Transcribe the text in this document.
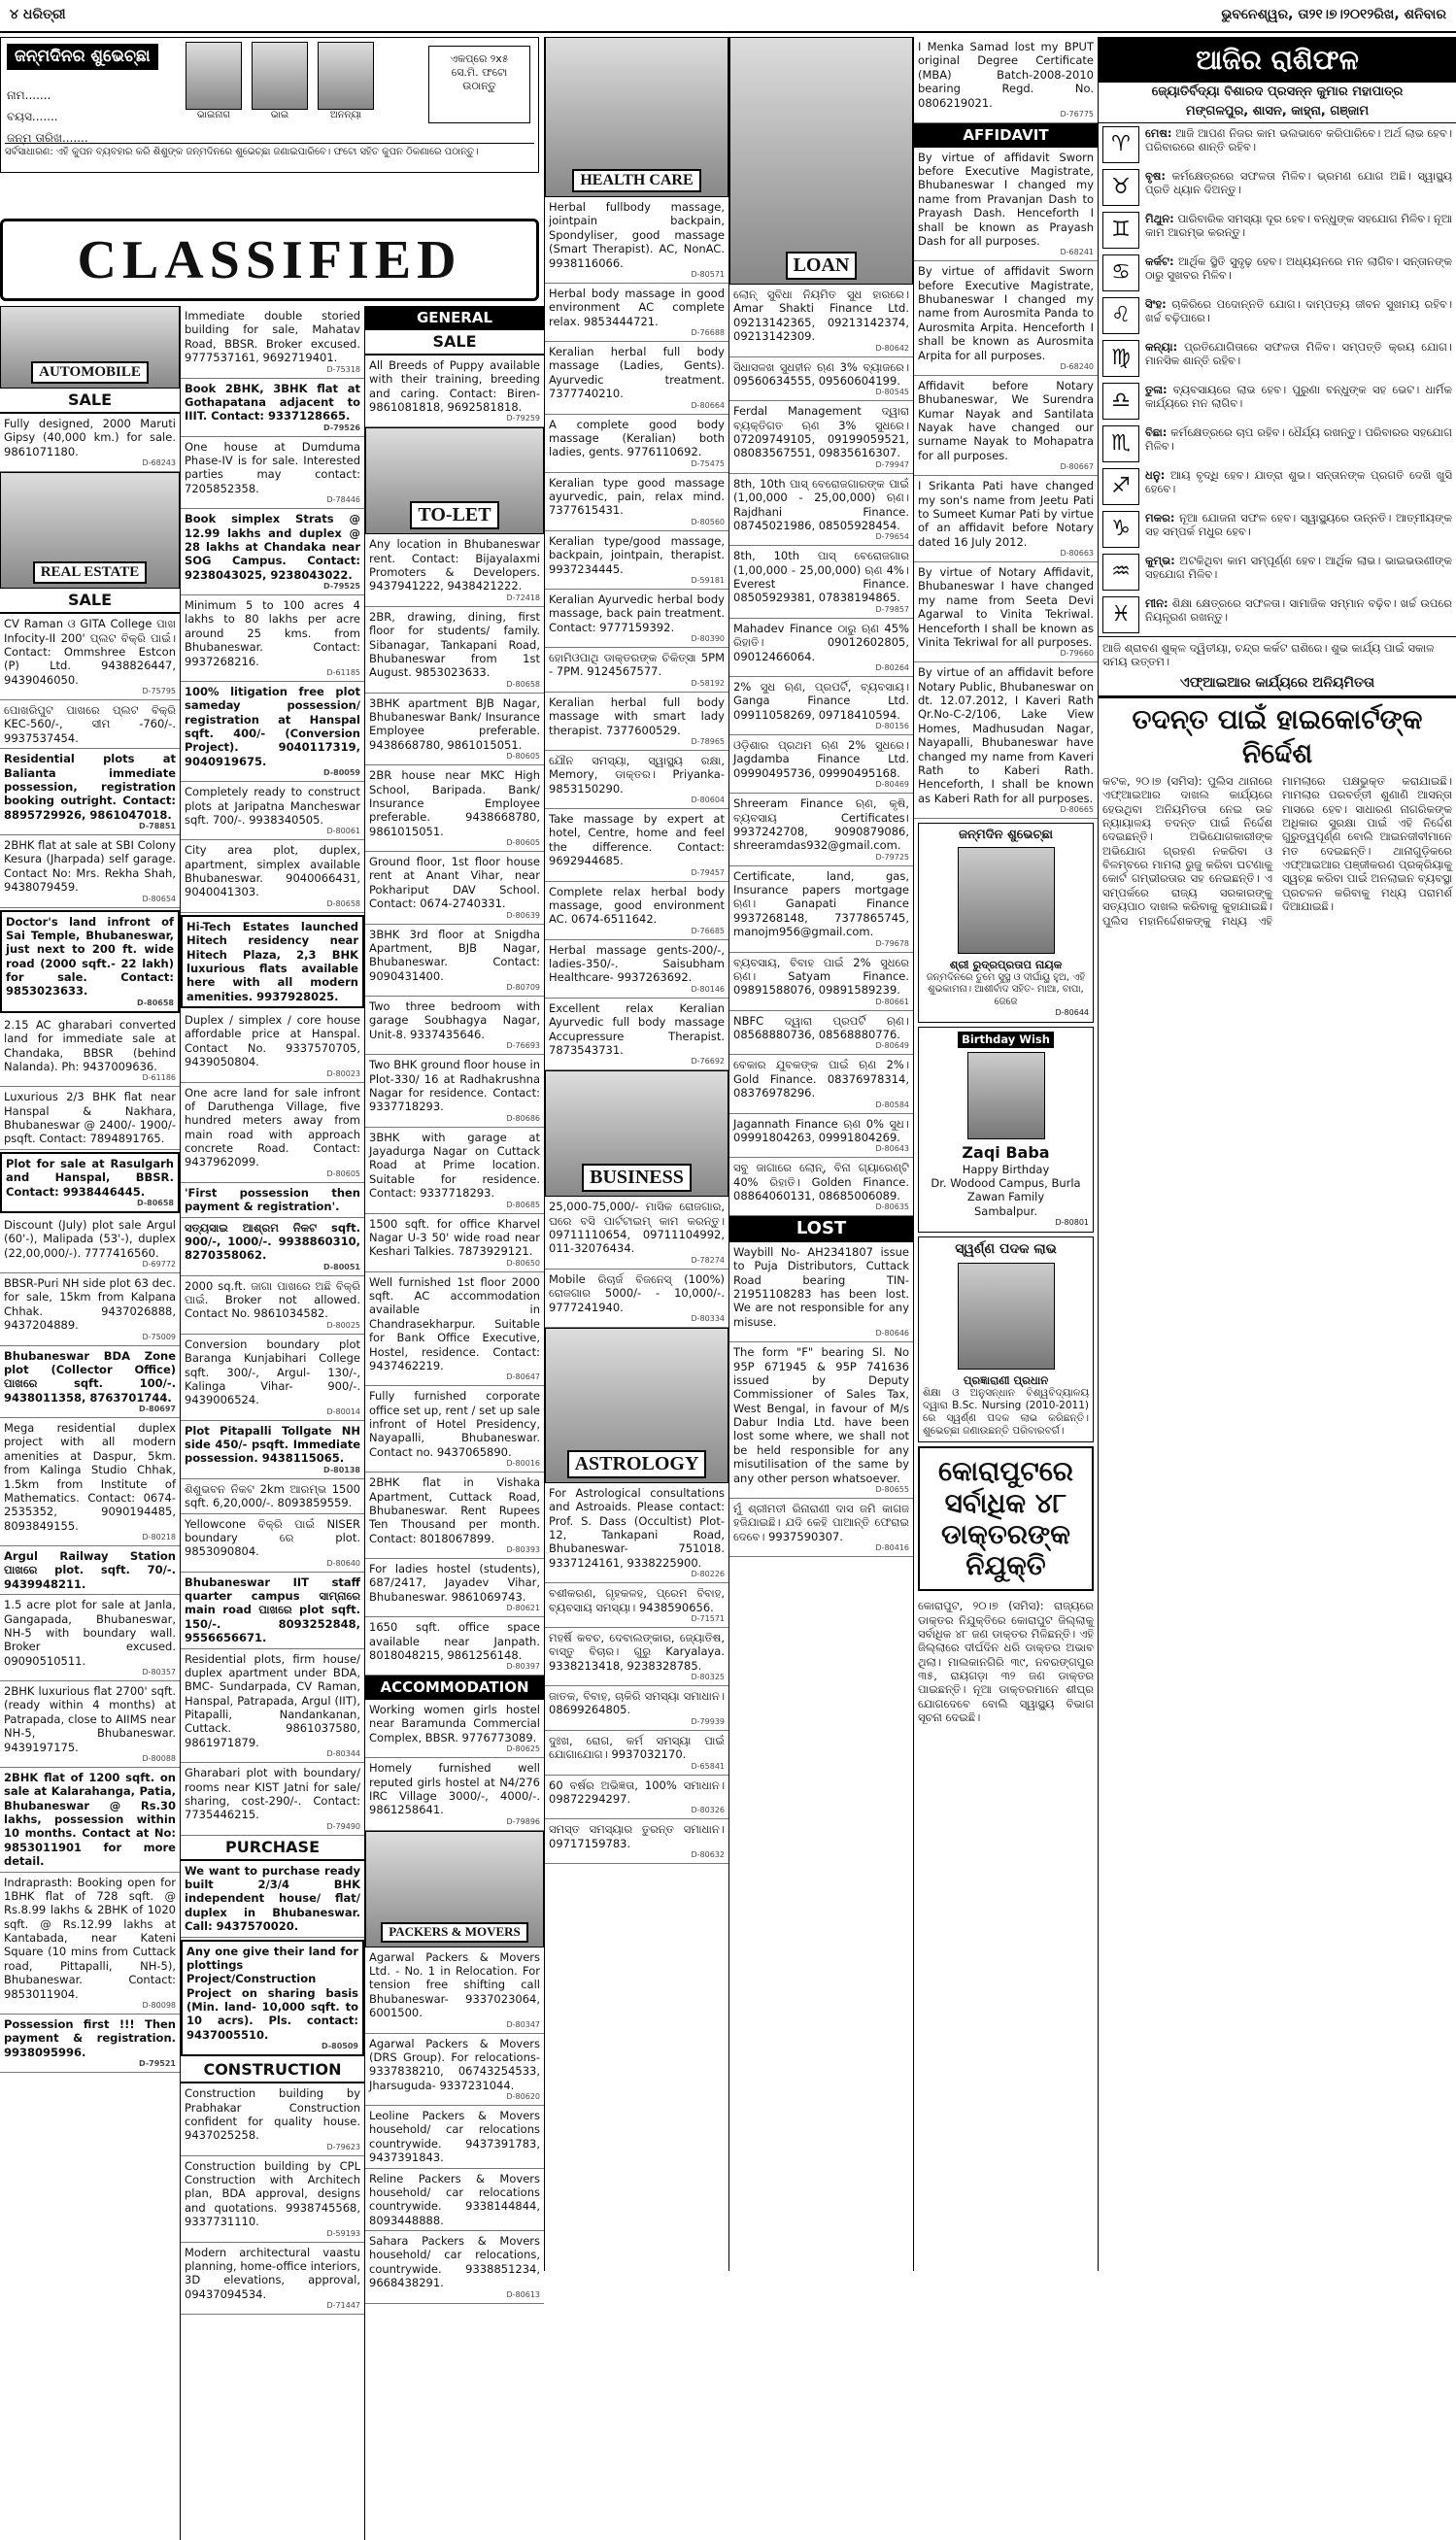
୪ ଧରିତ୍ରୀ	ଭୁବନେଶ୍ୱର, ତା୨୧।୭।୨୦୧୨ରିଖ, ଶନିବାର
ଜନ୍ମଦିନର ଶୁଭେଚ୍ଛା
ନାମ.......
ବୟସ.......
ଜନ୍ମ ତାରିଖ.......
ଭାଇନାଗ	ଭାଇ	ଅନନ୍ୟା
ଏକପ୍ରେ ୨x୫ ସେ.ମି. ଫଟୋ ଉଠାନ୍ତୁ
ସର୍ବସାଧାରଣ: ଏହି କୁପନ ବ୍ୟବହାର କରି ଶିଶୁଙ୍କ ଜନ୍ମଦିନରେ ଶୁଭେଚ୍ଛା ଜଣାଇପାରିବେ। ଫଟୋ ସହିତ କୁପନ ଠିକଣାରେ ପଠାନ୍ତୁ।
CLASSIFIED
AUTOMOBILE
SALE
Fully designed, 2000 Maruti Gipsy (40,000 km.) for sale. 9861071180.
D-68243
REAL ESTATE
SALE
CV Raman ଓ GITA College ପାଖ Infocity-II 200' ପ୍ଲଟ ବିକ୍ରି ପାଇଁ। Contact: Ommshree Estcon (P) Ltd. 9438826447, 9439046050.
D-75795
ପୋଖରିପୁଟ ପାଖରେ ପ୍ଲଟ ବିକ୍ରି KEC-560/-, ସୀମ -760/-. 9937537454.
Residential plots at Balianta immediate possession, registration booking outright. Contact: 8895729926, 9861047018.
D-78851
2BHK flat at sale at SBI Colony Kesura (Jharpada) self garage. Contact No: Mrs. Rekha Shah, 9438079459.
D-80654
Doctor's land infront of Sai Temple, Bhubaneswar, just next to 200 ft. wide road (2000 sqft.- 22 lakh) for sale. Contact: 9853023633.
D-80658
2.15 AC gharabari converted land for immediate sale at Chandaka, BBSR (behind Nalanda). Ph: 9437009636.
D-61186
Luxurious 2/3 BHK flat near Hanspal & Nakhara, Bhubaneswar @ 2400/- 1900/- psqft. Contact: 7894891765.
Plot for sale at Rasulgarh and Hanspal, BBSR. Contact: 9938446445.
D-80658
Discount (July) plot sale Argul (60'-), Malipada (53'-), duplex (22,00,000/-). 7777416560.
D-69772
BBSR-Puri NH side plot 63 dec. for sale, 15km from Kalpana Chhak. 9437026888, 9437204889.
D-75009
Bhubaneswar BDA Zone plot (Collector Office) ପାଖରେ sqft. 100/-. 9438011358, 8763701744.
D-80697
Mega residential duplex project with all modern amenities at Daspur, 5km. from Kalinga Studio Chhak, 1.5km from Institute of Mathematics. Contact: 0674-2535352, 9090194485, 8093849155.
D-80218
Argul Railway Station ପାଖରେ plot. sqft. 70/-. 9439948211.
1.5 acre plot for sale at Janla, Gangapada, Bhubaneswar, NH-5 with boundary wall. Broker excused. 09090510511.
D-80357
2BHK luxurious flat 2700' sqft. (ready within 4 months) at Patrapada, close to AIIMS near NH-5, Bhubaneswar. 9439197175.
D-80088
2BHK flat of 1200 sqft. on sale at Kalarahanga, Patia, Bhubaneswar @ Rs.30 lakhs, possession within 10 months. Contact at No: 9853011901 for more detail.
Indraprasth: Booking open for 1BHK flat of 728 sqft. @ Rs.8.99 lakhs & 2BHK of 1020 sqft. @ Rs.12.99 lakhs at Kantabada, near Kateni Square (10 mins from Cuttack road, Pittapalli, NH-5), Bhubaneswar. Contact: 9853011904.
D-80098
Possession first !!! Then payment & registration. 9938095996.
D-79521
Immediate double storied building for sale, Mahatav Road, BBSR. Broker excused. 9777537161, 9692719401.
D-75318
Book 2BHK, 3BHK flat at Gothapatana adjacent to IIIT. Contact: 9337128665.
D-79526
One house at Dumduma Phase-IV is for sale. Interested parties may contact: 7205852358.
D-78446
Book simplex Strats @ 12.99 lakhs and duplex @ 28 lakhs at Chandaka near SOG Campus. Contact: 9238043025, 9238043022.
D-79525
Minimum 5 to 100 acres 4 lakhs to 80 lakhs per acre around 25 kms. from Bhubaneswar. Contact: 9937268216.
D-61185
100% litigation free plot sameday possession/ registration at Hanspal sqft. 400/- (Conversion Project). 9040117319, 9040919675.
D-80059
Completely ready to construct plots at Jaripatna Mancheswar sqft. 700/-. 9938340505.
D-80061
City area plot, duplex, apartment, simplex available Bhubaneswar. 9040066431, 9040041303.
D-80658
Hi-Tech Estates launched Hitech residency near Hitech Plaza, 2,3 BHK luxurious flats available here with all modern amenities. 9937928025.
Duplex / simplex / core house affordable price at Hanspal. Contact No. 9337570705, 9439050804.
D-80023
One acre land for sale infront of Daruthenga Village, five hundred meters away from main road with approach concrete Road. Contact: 9437962099.
D-80605
'First possession then payment & registration'.
ସତ୍ୟସାଇ ଆଶ୍ରମ ନିକଟ sqft. 900/-, 1000/-. 9938860310, 8270358062.
D-80051
2000 sq.ft. ଜାଗା ପାଖରେ ଅଛି ବିକ୍ରି ପାଇଁ. Broker not allowed. Contact No. 9861034582.
D-80025
Conversion boundary plot Baranga Kunjabihari College sqft. 300/-, Argul- 130/-, Kalinga Vihar- 900/-. 9439006524.
D-80014
Plot Pitapalli Tollgate NH side 450/- psqft. Immediate possession. 9438115065.
D-80138
ଶିଶୁଭବନ ନିକଟ 2km ଆରମ୍ଭ 1500 sqft. 6,20,000/-. 8093859559.
Yellowcone ବିକ୍ରି ପାଇଁ NISER boundary ରେ plot. 9853090804.
D-80640
Bhubaneswar IIT staff quarter campus ସାମ୍ନାରେ main road ପାଖରେ plot sqft. 150/-. 8093252848, 9556656671.
Residential plots, firm house/ duplex apartment under BDA, BMC- Sundarpada, CV Raman, Hanspal, Patrapada, Argul (IIT), Pitapalli, Nandankanan, Cuttack. 9861037580, 9861971879.
D-80344
Gharabari plot with boundary/ rooms near KIST Jatni for sale/ sharing, cost-290/-. Contact: 7735446215.
D-79490
PURCHASE
We want to purchase ready built 2/3/4 BHK independent house/ flat/ duplex in Bhubaneswar. Call: 9437570020.
Any one give their land for plottings Project/Construction Project on sharing basis (Min. land- 10,000 sqft. to 10 acrs). Pls. contact: 9437005510.
D-80509
CONSTRUCTION
Construction building by Prabhakar Construction confident for quality house. 9437025258.
D-79623
Construction building by CPL Construction with Architech plan, BDA approval, designs and quotations. 9938745568, 9337731110.
D-59193
Modern architectural vaastu planning, home-office interiors, 3D elevations, approval, 09437094534.
D-71447
GENERAL
SALE
All Breeds of Puppy available with their training, breeding and caring. Contact: Biren- 9861081818, 9692581818.
D-79259
TO-LET
Any location in Bhubaneswar rent. Contact: Bijayalaxmi Promoters & Developers. 9437941222, 9438421222.
D-72418
2BR, drawing, dining, first floor for students/ family. Sibanagar, Tankapani Road, Bhubaneswar from 1st August. 9853023633.
D-80658
3BHK apartment BJB Nagar, Bhubaneswar Bank/ Insurance Employee preferable. 9438668780, 9861015051.
D-80605
2BR house near MKC High School, Baripada. Bank/ Insurance Employee preferable. 9438668780, 9861015051.
D-80605
Ground floor, 1st floor house rent at Anant Vihar, near Pokhariput DAV School. Contact: 0674-2740331.
D-80639
3BHK 3rd floor at Snigdha Apartment, BJB Nagar, Bhubaneswar. Contact: 9090431400.
D-80709
Two three bedroom with garage Soubhagya Nagar, Unit-8. 9337435646.
D-76693
Two BHK ground floor house in Plot-330/ 16 at Radhakrushna Nagar for residence. Contact: 9337718293.
D-80686
3BHK with garage at Jayadurga Nagar on Cuttack Road at Prime location. Suitable for residence. Contact: 9337718293.
D-80685
1500 sqft. for office Kharvel Nagar U-3 50' wide road near Keshari Talkies. 7873929121.
D-80650
Well furnished 1st floor 2000 sqft. AC accommodation available in Chandrasekharpur. Suitable for Bank Office Executive, Hostel, residence. Contact: 9437462219.
D-80647
Fully furnished corporate office set up, rent / set up sale infront of Hotel Presidency, Nayapalli, Bhubaneswar. Contact no. 9437065890.
D-80016
2BHK flat in Vishaka Apartment, Cuttack Road, Bhubaneswar. Rent Rupees Ten Thousand per month. Contact: 8018067899.
D-80393
For ladies hostel (students), 687/2417, Jayadev Vihar, Bhubaneswar. 9861069743.
D-80621
1650 sqft. office space available near Janpath. 8018048215, 9861256148.
D-80397
ACCOMMODATION
Working women girls hostel near Baramunda Commercial Complex, BBSR. 9776773089.
D-80625
Homely furnished well reputed girls hostel at N4/276 IRC Village 3000/-, 4000/-. 9861258641.
D-79896
PACKERS & MOVERS
Agarwal Packers & Movers Ltd. - No. 1 in Relocation. For tension free shifting call Bhubaneswar- 9337023064, 6001500.
D-80347
Agarwal Packers & Movers (DRS Group). For relocations- 9337838210, 06743254533, Jharsuguda- 9337231044.
D-80620
Leoline Packers & Movers household/ car relocations countrywide. 9437391783, 9437391843.
Reline Packers & Movers household/ car relocations countrywide. 9338144844, 8093448888.
Sahara Packers & Movers household/ car relocations, countrywide. 9338851234, 9668438291.
D-80613
HEALTH CARE
Herbal fullbody massage, jointpain backpain, Spondyliser, good massage (Smart Therapist). AC, NonAC. 9938116066.
D-80571
Herbal body massage in good environment AC complete relax. 9853444721.
D-76688
Keralian herbal full body massage (Ladies, Gents). Ayurvedic treatment. 7377740210.
D-80664
A complete good body massage (Keralian) both ladies, gents. 9776110692.
D-75475
Keralian type good massage ayurvedic, pain, relax mind. 7377615431.
D-80560
Keralian type/good massage, backpain, jointpain, therapist. 9937234445.
D-59181
Keralian Ayurvedic herbal body massage, back pain treatment. Contact: 9777159392.
D-80390
ହୋମିଓପାଥି ଡାକ୍ତରଙ୍କ ଚିକିତ୍ସା 5PM - 7PM. 9124567577.
D-58192
Keralian herbal full body massage with smart lady therapist. 7377600529.
D-78965
ଯୌନ ସମସ୍ୟା, ସ୍ୱାସ୍ଥ୍ୟ ରକ୍ଷା, Memory, ଡାକ୍ତର। Priyanka- 9853150290.
D-80604
Take massage by expert at hotel, Centre, home and feel the difference. Contact: 9692944685.
D-79457
Complete relax herbal body massage, good environment AC. 0674-6511642.
D-76685
Herbal massage gents-200/-, ladies-350/-. Saisubham Healthcare- 9937263692.
D-80146
Excellent relax Keralian Ayurvedic full body massage Accupressure Therapist. 7873543731.
D-76692
BUSINESS
25,000-75,000/- ମାସିକ ରୋଜଗାର, ଘରେ ବସି ପାର୍ଟଟାଇମ୍ କାମ କରନ୍ତୁ। 09711110654, 09711104992, 011-32076434.
D-78274
Mobile ରିଚାର୍ଜ ବିଜନେସ୍ (100%) ରୋଜଗାର 5000/- - 10,000/-. 9777241940.
D-80334
ASTROLOGY
For Astrological consultations and Astroaids. Please contact: Prof. S. Dass (Occultist) Plot- 12, Tankapani Road, Bhubaneswar- 751018. 9337124161, 9338225900.
D-80226
ବଶୀକରଣ, ଗୃହକଳହ, ପ୍ରେମ ବିବାହ, ବ୍ୟବସାୟ ସମସ୍ୟା। 9438590656.
D-71571
ମହର୍ଷି କବଚ, ଦେବାଲଙ୍କାର, ଜ୍ୟୋତିଷ, ବାସ୍ତୁ ବିଚାର। ଗୁରୁ Karyalaya. 9338213418, 9238328785.
D-80325
ଜାତକ, ବିବାହ, ଚାକିରି ସମସ୍ୟା ସମାଧାନ। 08699264805.
D-79939
ଦୁଃଖ, ରୋଗ, କର୍ମ ସମସ୍ୟା ପାଇଁ ଯୋଗାଯୋଗ। 9937032170.
D-65841
60 ବର୍ଷର ଅଭିଜ୍ଞତା, 100% ସମାଧାନ। 09872294297.
D-80326
ସମସ୍ତ ସମସ୍ୟାର ତୁରନ୍ତ ସମାଧାନ। 09717159783.
D-80632
LOAN
ଲୋନ୍ ସୁବିଧା ନିୟମିତ ସୁଧ ହାରରେ। Amar Shakti Finance Ltd. 09213142365, 09213142374, 09213142309.
D-80642
ସିଧାସଳଖ ସୁଧହୀନ ଋଣ 3% ବ୍ୟାଜରେ। 09560634555, 09560604199.
D-80545
Ferdal Management ଦ୍ୱାରା ବ୍ୟକ୍ତିଗତ ଋଣ 3% ସୁଧରେ। 07209749105, 09199059521, 08083567551, 09835616307.
D-79947
8th, 10th ପାସ୍ ବେରୋଜଗାରଙ୍କ ପାଇଁ (1,00,000 - 25,00,000) ଋଣ। Rajdhani Finance. 08745021986, 08505928454.
D-79654
8th, 10th ପାସ୍ ବେରୋଜଗାର (1,00,000 - 25,00,000) ଋଣ 4%। Everest Finance. 08505929381, 07838194865.
D-79857
Mahadev Finance ଠାରୁ ଋଣ 45% ରିହାତି। 09012602805, 09012466064.
D-80264
2% ସୁଧ ଋଣ, ପ୍ରପର୍ଟି, ବ୍ୟବସାୟ। Ganga Finance Ltd. 09911058269, 09718410594.
D-80156
ଓଡ଼ିଶାର ପ୍ରଥମ ଋଣ 2% ସୁଧରେ। Jagdamba Finance Ltd. 09990495736, 09990495168.
D-80469
Shreeram Finance ଋଣ, କୃଷି, ବ୍ୟବସାୟ Certificates। 9937242708, 9090879086, shreeramdas932@gmail.com.
D-79725
Certificate, land, gas, Insurance papers mortgage ଋଣ। Ganapati Finance 9937268148, 7377865745, manojm956@gmail.com.
D-79678
ବ୍ୟବସାୟ, ବିବାହ ପାଇଁ 2% ସୁଧରେ ଋଣ। Satyam Finance. 09891588076, 09891589239.
D-80661
NBFC ଦ୍ୱାରା ପ୍ରପର୍ଟି ଋଣ। 08568880736, 08568880776.
D-80649
ବେକାର ଯୁବକଙ୍କ ପାଇଁ ଋଣ 2%। Gold Finance. 08376978314, 08376978296.
D-80584
Jagannath Finance ଋଣ 0% ସୁଧ। 09991804263, 09991804269.
D-80643
ସବୁ ଜାଗାରେ ଲୋନ୍, ବିନା ଗ୍ୟାରେଣ୍ଟି 40% ରିହାତି। Golden Finance. 08864060131, 08685006089.
D-80635
LOST
Waybill No- AH2341807 issue to Puja Distributors, Cuttack Road bearing TIN- 21951108283 has been lost. We are not responsible for any misuse.
D-80646
The form "F" bearing Sl. No 95P 671945 & 95P 741636 issued by Deputy Commissioner of Sales Tax, West Bengal, in favour of M/s Dabur India Ltd. have been lost some where, we shall not be held responsible for any misutilisation of the same by any other person whatsoever.
D-80655
ମୁଁ ଶ୍ରୀମତୀ ରିନାରାଣୀ ଦାସ ଜମି କାଗଜ ହଜିଯାଇଛି। ଯଦି କେହି ପାଆନ୍ତି ଫେରାଇ ଦେବେ। 9937590307.
D-80416
I Menka Samad lost my BPUT original Degree Certificate (MBA) Batch-2008-2010 bearing Regd. No. 0806219021.
D-76775
AFFIDAVIT
By virtue of affidavit Sworn before Executive Magistrate, Bhubaneswar I changed my name from Pravanjan Dash to Prayash Dash. Henceforth I shall be known as Prayash Dash for all purposes.
D-68241
By virtue of affidavit Sworn before Executive Magistrate, Bhubaneswar I changed my name from Aurosmita Panda to Aurosmita Arpita. Henceforth I shall be known as Aurosmita Arpita for all purposes.
D-68240
Affidavit before Notary Bhubaneswar, We Surendra Kumar Nayak and Santilata Nayak have changed our surname Nayak to Mohapatra for all purposes.
D-80667
I Srikanta Pati have changed my son's name from Jeetu Pati to Sumeet Kumar Pati by virtue of an affidavit before Notary dated 16 July 2012.
D-80663
By virtue of Notary Affidavit, Bhubaneswar I have changed my name from Seeta Devi Agarwal to Vinita Tekriwal. Henceforth I shall be known as Vinita Tekriwal for all purposes.
D-79660
By virtue of an affidavit before Notary Public, Bhubaneswar on dt. 12.07.2012, I Kaveri Rath Qr.No-C-2/106, Lake View Homes, Madhusudan Nagar, Nayapalli, Bhubaneswar have changed my name from Kaveri Rath to Kaberi Rath. Henceforth, I shall be known as Kaberi Rath for all purposes.
D-80665
ଜନ୍ମଦିନ ଶୁଭେଚ୍ଛା
ଶ୍ରୀ ରୁଦ୍ରପ୍ରତାପ ନାୟକ
ଜନ୍ମଦିନରେ ତୁମେ ସୁସ୍ଥ ଓ ଦୀର୍ଘାୟୁ ହୁଅ, ଏହି ଶୁଭକାମନା। ଆଶୀର୍ବାଦ ସହିତ- ମାଆ, ବାପା, ଜେଜେ
D-80644
Birthday Wish
Zaqi Baba
Happy Birthday
Dr. Wodood Campus, Burla
Zawan Family
Sambalpur.
D-80801
ସ୍ୱର୍ଣ୍ଣ ପଦକ ଲାଭ
ପ୍ରଜ୍ଞାରାଣୀ ପ୍ରଧାନ
ଶିକ୍ଷା ଓ ଅନୁସନ୍ଧାନ ବିଶ୍ୱବିଦ୍ୟାଳୟ ଦ୍ୱାରା B.Sc. Nursing (2010-2011) ରେ ସ୍ୱର୍ଣ୍ଣ ପଦକ ଲାଭ କରିଛନ୍ତି। ଶୁଭେଚ୍ଛା ଜଣାଉଛନ୍ତି ପରିବାରବର୍ଗ।
କୋରାପୁଟରେ
ସର୍ବାଧିକ ୪୮
ଡାକ୍ତରଙ୍କ ନିଯୁକ୍ତି
କୋରାପୁଟ, ୨୦।୭ (ସମିସ): ରାଜ୍ୟରେ ଡାକ୍ତର ନିଯୁକ୍ତିରେ କୋରାପୁଟ ଜିଲ୍ଲାକୁ ସର୍ବାଧିକ ୪୮ ଜଣ ଡାକ୍ତର ମିଳିଛନ୍ତି। ଏହି ଜିଲ୍ଲାରେ ଦୀର୍ଘଦିନ ଧରି ଡାକ୍ତର ଅଭାବ ଥିଲା। ମାଲକାନଗିରି ୩୯, ନବରଙ୍ଗପୁର ୩୫, ରାୟଗଡ଼ା ୩୨ ଜଣ ଡାକ୍ତର ପାଇଛନ୍ତି। ନୂଆ ଡାକ୍ତରମାନେ ଶୀଘ୍ର ଯୋଗଦେବେ ବୋଲି ସ୍ୱାସ୍ଥ୍ୟ ବିଭାଗ ସୂଚନା ଦେଇଛି।
ଆଜିର ରାଶିଫଳ
ଜ୍ୟୋତିର୍ବିଦ୍ୟା ବିଶାରଦ ପ୍ରସନ୍ନ କୁମାର ମହାପାତ୍ର
ମଙ୍ଗଳପୁର, ଶାସନ, କାହ୍ନା, ଗଞ୍ଜାମ
♈	ମେଷ: ଆଜି ଆପଣ ନିଜର କାମ ଭଲଭାବେ କରିପାରିବେ। ଅର୍ଥ ଲାଭ ହେବ। ପରିବାରରେ ଶାନ୍ତି ରହିବ।
♉	ବୃଷ: କର୍ମକ୍ଷେତ୍ରରେ ସଫଳତା ମିଳିବ। ଭ୍ରମଣ ଯୋଗ ଅଛି। ସ୍ୱାସ୍ଥ୍ୟ ପ୍ରତି ଧ୍ୟାନ ଦିଅନ୍ତୁ।
♊	ମିଥୁନ: ପାରିବାରିକ ସମସ୍ୟା ଦୂର ହେବ। ବନ୍ଧୁଙ୍କ ସହଯୋଗ ମିଳିବ। ନୂଆ କାମ ଆରମ୍ଭ କରନ୍ତୁ।
♋	କର୍କଟ: ଆର୍ଥିକ ସ୍ଥିତି ସୁଦୃଢ଼ ହେବ। ଅଧ୍ୟୟନରେ ମନ ଲାଗିବ। ସନ୍ତାନଙ୍କ ଠାରୁ ସୁଖବର ମିଳିବ।
♌	ସିଂହ: ଚାକିରିରେ ପଦୋନ୍ନତି ଯୋଗ। ଦାମ୍ପତ୍ୟ ଜୀବନ ସୁଖମୟ ରହିବ। ଖର୍ଚ୍ଚ ବଢ଼ିପାରେ।
♍	କନ୍ୟା: ପ୍ରତିଯୋଗିତାରେ ସଫଳତା ମିଳିବ। ସମ୍ପତ୍ତି କ୍ରୟ ଯୋଗ। ମାନସିକ ଶାନ୍ତି ରହିବ।
♎	ତୁଳା: ବ୍ୟବସାୟରେ ଲାଭ ହେବ। ପୁରୁଣା ବନ୍ଧୁଙ୍କ ସହ ଭେଟ। ଧାର୍ମିକ କାର୍ଯ୍ୟରେ ମନ ଲାଗିବ।
♏	ବିଛା: କର୍ମକ୍ଷେତ୍ରରେ ଚାପ ରହିବ। ଧୈର୍ଯ୍ୟ ରଖନ୍ତୁ। ପରିବାରର ସହଯୋଗ ମିଳିବ।
♐	ଧନୁ: ଆୟ ବୃଦ୍ଧି ହେବ। ଯାତ୍ରା ଶୁଭ। ସନ୍ତାନଙ୍କ ପ୍ରଗତି ଦେଖି ଖୁସି ହେବେ।
♑	ମକର: ନୂଆ ଯୋଜନା ସଫଳ ହେବ। ସ୍ୱାସ୍ଥ୍ୟରେ ଉନ୍ନତି। ଆତ୍ମୀୟଙ୍କ ସହ ସମ୍ପର୍କ ମଧୁର ହେବ।
♒	କୁମ୍ଭ: ଅଟକିଥିବା କାମ ସମ୍ପୂର୍ଣ୍ଣ ହେବ। ଆର୍ଥିକ ଲାଭ। ଭାଇଭଉଣୀଙ୍କ ସହଯୋଗ ମିଳିବ।
♓	ମୀନ: ଶିକ୍ଷା କ୍ଷେତ୍ରରେ ସଫଳତା। ସାମାଜିକ ସମ୍ମାନ ବଢ଼ିବ। ଖର୍ଚ୍ଚ ଉପରେ ନିୟନ୍ତ୍ରଣ ରଖନ୍ତୁ।
ଆଜି ଶ୍ରାବଣ ଶୁକ୍ଳ ଦ୍ୱିତୀୟା, ଚନ୍ଦ୍ର କର୍କଟ ରାଶିରେ। ଶୁଭ କାର୍ଯ୍ୟ ପାଇଁ ସକାଳ ସମୟ ଉତ୍ତମ।
ଏଫ୍ଆଇଆର କାର୍ଯ୍ୟରେ ଅନିୟମିତତା
ତଦନ୍ତ ପାଇଁ ହାଇକୋର୍ଟଙ୍କ ନିର୍ଦ୍ଦେଶ
କଟକ, ୨୦।୭ (ସମିସ): ପୁଲିସ ଥାନାରେ ଏଫ୍ଆଇଆର ଦାଖଲ କାର୍ଯ୍ୟରେ ହେଉଥିବା ଅନିୟମିତତା ନେଇ ଉଚ୍ଚ ନ୍ୟାୟାଳୟ ତଦନ୍ତ ପାଇଁ ନିର୍ଦ୍ଦେଶ ଦେଇଛନ୍ତି। ଅଭିଯୋଗକାରୀଙ୍କ ଅଭିଯୋଗ ଗ୍ରହଣ ନକରିବା ଓ ବିଳମ୍ବରେ ମାମଲା ରୁଜୁ କରିବା ଘଟଣାକୁ କୋର୍ଟ ଗମ୍ଭୀରତାର ସହ ନେଇଛନ୍ତି। ଏ ସମ୍ପର୍କରେ ରାଜ୍ୟ ସରକାରଙ୍କୁ ସତ୍ୟପାଠ ଦାଖଲ କରିବାକୁ କୁହାଯାଇଛି। ପୁଲିସ ମହାନିର୍ଦ୍ଦେଶକଙ୍କୁ ମଧ୍ୟ ଏହି ମାମଲାରେ ପକ୍ଷଭୁକ୍ତ କରାଯାଇଛି। ମାମଲାର ପରବର୍ତ୍ତୀ ଶୁଣାଣି ଆସନ୍ତା ମାସରେ ହେବ। ସାଧାରଣ ନାଗରିକଙ୍କ ଅଧିକାର ସୁରକ୍ଷା ପାଇଁ ଏହି ନିର୍ଦ୍ଦେଶ ଗୁରୁତ୍ୱପୂର୍ଣ୍ଣ ବୋଲି ଆଇନଜୀବୀମାନେ ମତ ଦେଇଛନ୍ତି। ଥାନାଗୁଡ଼ିକରେ ଏଫ୍ଆଇଆର ପଞ୍ଜୀକରଣ ପ୍ରକ୍ରିୟାକୁ ସ୍ୱଚ୍ଛ କରିବା ପାଇଁ ଅନଲାଇନ ବ୍ୟବସ୍ଥା ପ୍ରଚଳନ କରିବାକୁ ମଧ୍ୟ ପରାମର୍ଶ ଦିଆଯାଇଛି।
